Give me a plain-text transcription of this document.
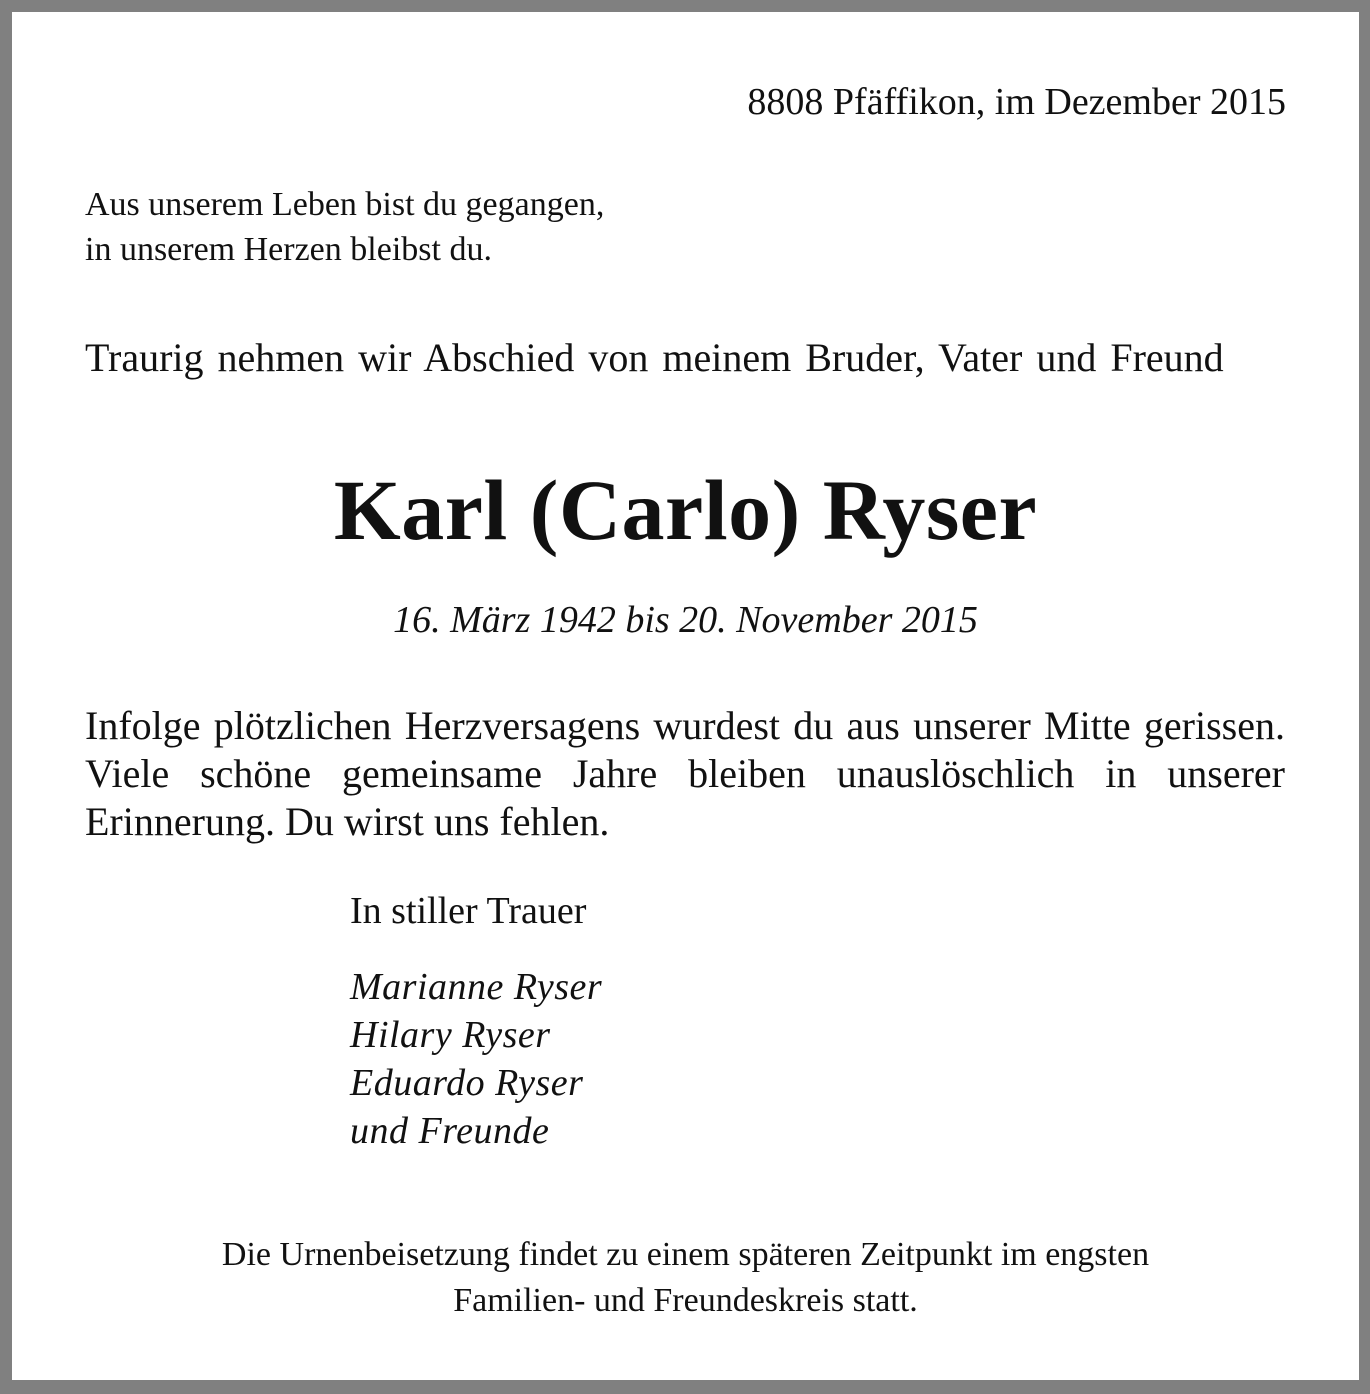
8808 Pfäffikon, im Dezember 2015

Aus unserem Leben bist du gegangen,
in unserem Herzen bleibst du.

Traurig nehmen wir Abschied von meinem Bruder, Vater und Freund

Karl (Carlo) Ryser

16. März 1942 bis 20. November 2015

Infolge plötzlichen Herzversagens wurdest du aus unserer Mitte gerissen. Viele schöne gemeinsame Jahre bleiben unauslöschlich in unserer Erinnerung. Du wirst uns fehlen.

In stiller Trauer

Marianne Ryser
Hilary Ryser
Eduardo Ryser
und Freunde

Die Urnenbeisetzung findet zu einem späteren Zeitpunkt im engsten
Familien- und Freundeskreis statt.
